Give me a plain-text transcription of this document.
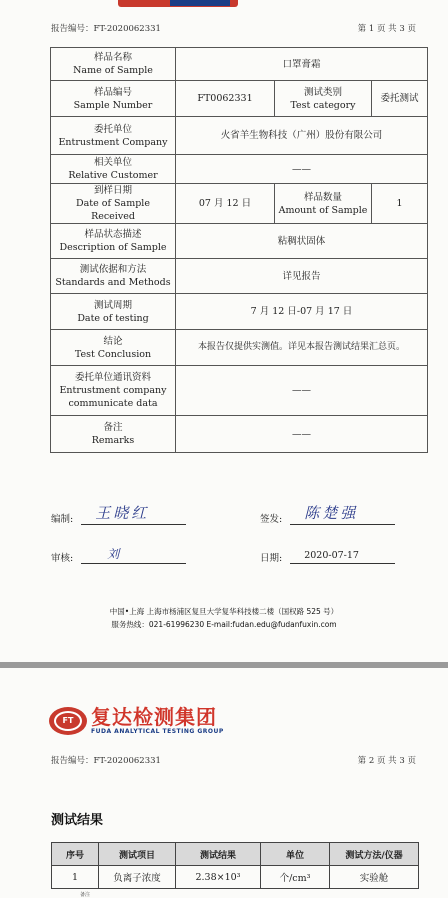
报告编号：FT-2020062331	第 1 页 共 3 页
样品名称
Name of Sample	口罩膏霜		

样品编号
Sample Number	FT0062331	测试类别
Test category	委托测试

委托单位
Entrustment Company	火省羊生物科技（广州）股份有限公司		

相关单位
Relative Customer	——		

到样日期
Date of Sample Received	07 月 12 日	样品数量
Amount of Sample	1

样品状态描述
Description of Sample	粘稠状固体		

测试依据和方法
Standards and Methods	详见报告		

测试周期
Date of testing	7 月 12 日-07 月 17 日		

结论
Test Conclusion	本报告仅提供实测值。详见本报告测试结果汇总页。		

委托单位通讯资料
Entrustment company
communicate data	——		

备注
Remarks	——		
编制: 王晓红	签发: 陈楚强
审核:	刘	日期: 2020-07-17
中国•上海 上海市杨浦区复旦大学复华科技楼二楼（国权路 525 号）
服务热线：021-61996230 E-mail:fudan.edu@fudanfuxin.com
FT 复达检测集团
FUDA ANALYTICAL TESTING GROUP
报告编号：FT-2020062331	第 2 页 共 3 页
测试结果
序号	测试项目	测试结果	单位	测试方法/仪器
1	负离子浓度	2.38×10³	个/cm³	实验舱
备注
